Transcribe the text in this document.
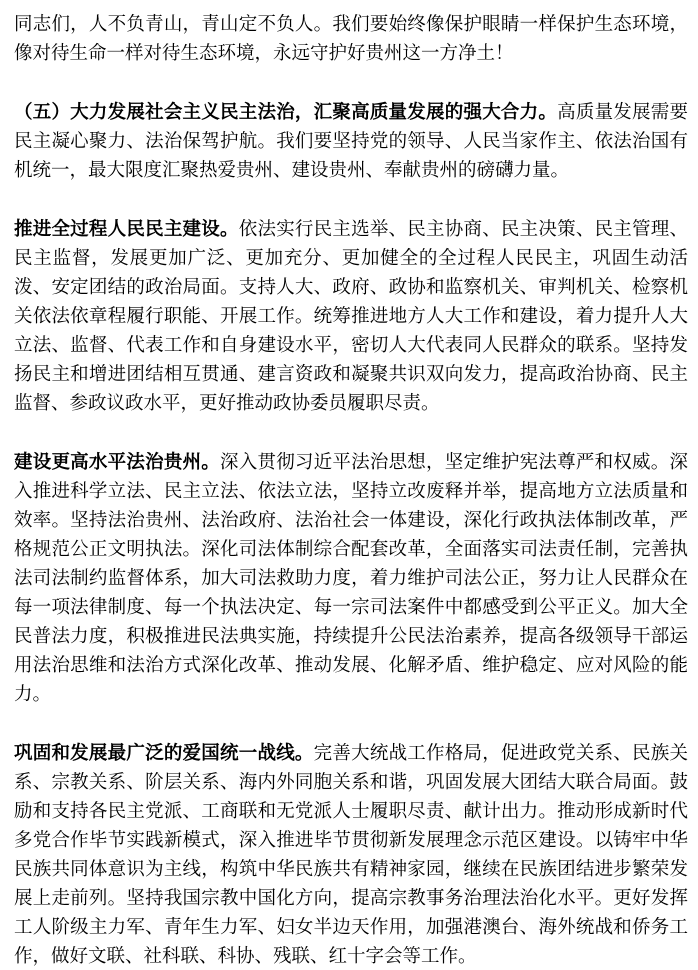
同志们，人不负青山，青山定不负人。我们要始终像保护眼睛一样保护生态环境，像对待生命一样对待生态环境，永远守护好贵州这一方净土！

（五）大力发展社会主义民主法治，汇聚高质量发展的强大合力。高质量发展需要民主凝心聚力、法治保驾护航。我们要坚持党的领导、人民当家作主、依法治国有机统一，最大限度汇聚热爱贵州、建设贵州、奉献贵州的磅礴力量。

推进全过程人民民主建设。依法实行民主选举、民主协商、民主决策、民主管理、民主监督，发展更加广泛、更加充分、更加健全的全过程人民民主，巩固生动活泼、安定团结的政治局面。支持人大、政府、政协和监察机关、审判机关、检察机关依法依章程履行职能、开展工作。统筹推进地方人大工作和建设，着力提升人大立法、监督、代表工作和自身建设水平，密切人大代表同人民群众的联系。坚持发扬民主和增进团结相互贯通、建言资政和凝聚共识双向发力，提高政治协商、民主监督、参政议政水平，更好推动政协委员履职尽责。

建设更高水平法治贵州。深入贯彻习近平法治思想，坚定维护宪法尊严和权威。深入推进科学立法、民主立法、依法立法，坚持立改废释并举，提高地方立法质量和效率。坚持法治贵州、法治政府、法治社会一体建设，深化行政执法体制改革，严格规范公正文明执法。深化司法体制综合配套改革，全面落实司法责任制，完善执法司法制约监督体系，加大司法救助力度，着力维护司法公正，努力让人民群众在每一项法律制度、每一个执法决定、每一宗司法案件中都感受到公平正义。加大全民普法力度，积极推进民法典实施，持续提升公民法治素养，提高各级领导干部运用法治思维和法治方式深化改革、推动发展、化解矛盾、维护稳定、应对风险的能力。

巩固和发展最广泛的爱国统一战线。完善大统战工作格局，促进政党关系、民族关系、宗教关系、阶层关系、海内外同胞关系和谐，巩固发展大团结大联合局面。鼓励和支持各民主党派、工商联和无党派人士履职尽责、献计出力。推动形成新时代多党合作毕节实践新模式，深入推进毕节贯彻新发展理念示范区建设。以铸牢中华民族共同体意识为主线，构筑中华民族共有精神家园，继续在民族团结进步繁荣发展上走前列。坚持我国宗教中国化方向，提高宗教事务治理法治化水平。更好发挥工人阶级主力军、青年生力军、妇女半边天作用，加强港澳台、海外统战和侨务工作，做好文联、社科联、科协、残联、红十字会等工作。
